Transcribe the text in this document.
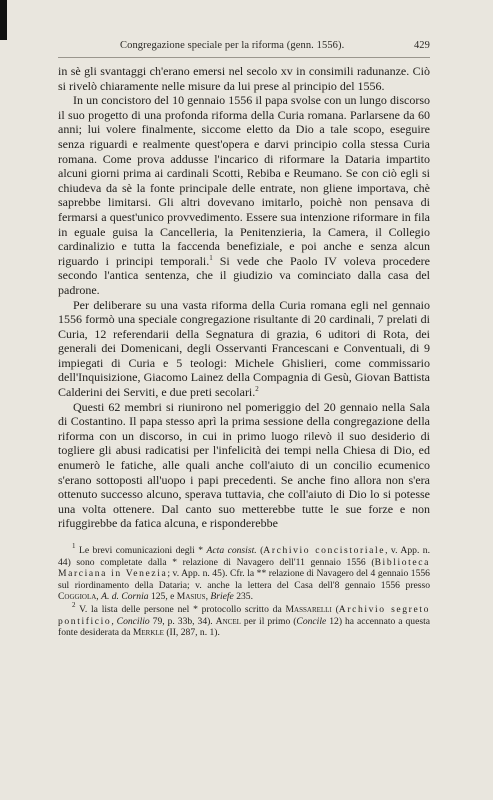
Congregazione speciale per la riforma (genn. 1556).	429

in sè gli svantaggi ch'erano emersi nel secolo xv in consimili radunanze. Ciò si rivelò chiaramente nelle misure da lui prese al principio del 1556.

In un concistoro del 10 gennaio 1556 il papa svolse con un lungo discorso il suo progetto di una profonda riforma della Curia romana. Parlarsene da 60 anni; lui volere finalmente, siccome eletto da Dio a tale scopo, eseguire senza riguardi e realmente quest'opera e darvi principio colla stessa Curia romana. Come prova addusse l'incarico di riformare la Dataria impartito alcuni giorni prima ai cardinali Scotti, Rebiba e Reumano. Se con ciò egli si chiudeva da sè la fonte principale delle entrate, non gliene importava, chè saprebbe limitarsi. Gli altri dovevano imitarlo, poichè non pensava di fermarsi a quest'unico provvedimento. Essere sua intenzione riformare in fila in eguale guisa la Cancelleria, la Penitenzieria, la Camera, il Collegio cardinalizio e tutta la faccenda benefiziale, e poi anche e senza alcun riguardo i principi temporali.$^1$ Si vede che Paolo IV voleva procedere secondo l'antica sentenza, che il giudizio va cominciato dalla casa del padrone.

Per deliberare su una vasta riforma della Curia romana egli nel gennaio 1556 formò una speciale congregazione risultante di 20 cardinali, 7 prelati di Curia, 12 referendarii della Segnatura di grazia, 6 uditori di Rota, dei generali dei Domenicani, degli Osservanti Francescani e Conventuali, di 9 impiegati di Curia e 5 teologi: Michele Ghislieri, come commissario dell'Inquisizione, Giacomo Lainez della Compagnia di Gesù, Giovan Battista Calderini dei Serviti, e due preti secolari.$^2$

Questi 62 membri si riunirono nel pomeriggio del 20 gennaio nella Sala di Costantino. Il papa stesso aprì la prima sessione della congregazione della riforma con un discorso, in cui in primo luogo rilevò il suo desiderio di togliere gli abusi radicatisi per l'infelicità dei tempi nella Chiesa di Dio, ed enumerò le fatiche, alle quali anche coll'aiuto di un concilio ecumenico s'erano sottoposti all'uopo i papi precedenti. Se anche fino allora non s'era ottenuto successo alcuno, sperava tuttavia, che coll'aiuto di Dio lo si potesse una volta ottenere. Dal canto suo metterebbe tutte le sue forze e non rifuggirebbe da fatica alcuna, e risponderebbe

$^1$ Le brevi comunicazioni degli * Acta consist. (Archivio concistoriale, v. App. n. 44) sono completate dalla * relazione di Navagero dell'11 gennaio 1556 (Biblioteca Marciana in Venezia; v. App. n. 45). Cfr. la ** relazione di Navagero del 4 gennaio 1556 sul riordinamento della Dataria; v. anche la lettera del Casa dell'8 gennaio 1556 presso Coggiola, A. d. Cornia 125, e Masius, Briefe 235.

$^2$ V. la lista delle persone nel * protocollo scritto da Massarelli (Archivio segreto pontificio, Concilio 79, p. 33b, 34). Ancel per il primo (Concile 12) ha accennato a questa fonte desiderata da Merkle (II, 287, n. 1).
